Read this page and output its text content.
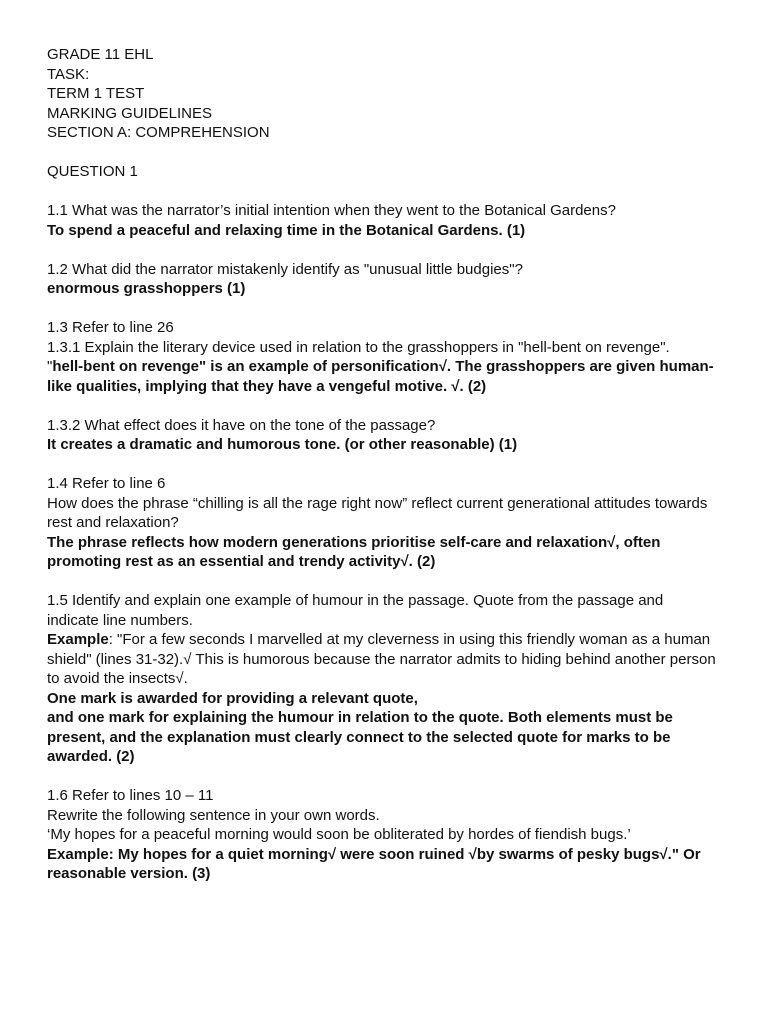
GRADE 11 EHL

TASK:

TERM 1 TEST

MARKING GUIDELINES

SECTION A: COMPREHENSION

QUESTION 1

1.1 What was the narrator’s initial intention when they went to the Botanical Gardens?

To spend a peaceful and relaxing time in the Botanical Gardens. (1)

1.2 What did the narrator mistakenly identify as "unusual little budgies"?

enormous grasshoppers (1)

1.3 Refer to line 26

1.3.1 Explain the literary device used in relation to the grasshoppers in "hell-bent on revenge".

"hell-bent on revenge" is an example of personification√. The grasshoppers are given human-like qualities, implying that they have a vengeful motive. √. (2)

1.3.2 What effect does it have on the tone of the passage?

It creates a dramatic and humorous tone. (or other reasonable) (1)

1.4 Refer to line 6

How does the phrase “chilling is all the rage right now” reflect current generational attitudes towards rest and relaxation?

The phrase reflects how modern generations prioritise self-care and relaxation√, often promoting rest as an essential and trendy activity√. (2)

1.5 Identify and explain one example of humour in the passage. Quote from the passage and indicate line numbers.

Example: "For a few seconds I marvelled at my cleverness in using this friendly woman as a human shield" (lines 31-32).√ This is humorous because the narrator admits to hiding behind another person to avoid the insects√.

One mark is awarded for providing a relevant quote,

and one mark for explaining the humour in relation to the quote. Both elements must be present, and the explanation must clearly connect to the selected quote for marks to be awarded. (2)

1.6 Refer to lines 10 – 11

Rewrite the following sentence in your own words.

‘My hopes for a peaceful morning would soon be obliterated by hordes of fiendish bugs.’

Example: My hopes for a quiet morning√ were soon ruined √by swarms of pesky bugs√." Or reasonable version. (3)
